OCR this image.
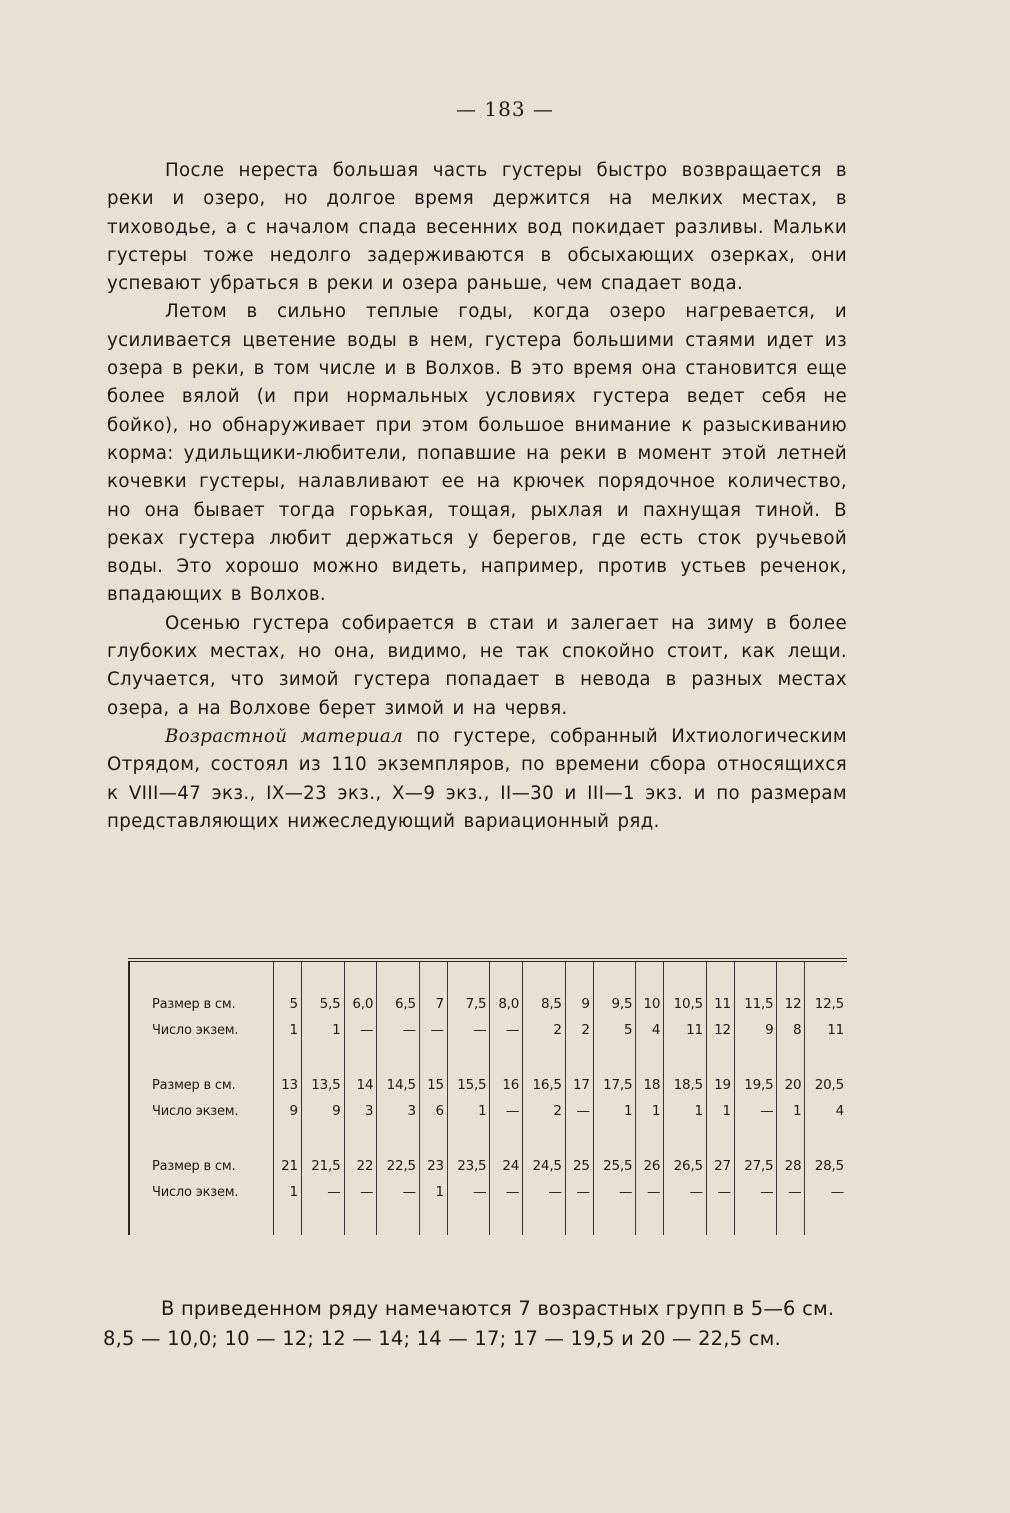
— 183 —

После нереста большая часть густеры быстро возвращается в реки и озеро, но долгое время держится на мелких местах, в тиховодье, а с началом спада весенних вод покидает разливы. Мальки густеры тоже недолго задерживаются в обсыхающих озерках, они успевают убраться в реки и озера раньше, чем спадает вода.

Летом в сильно теплые годы, когда озеро нагревается, и усиливается цветение воды в нем, густера большими стаями идет из озера в реки, в том числе и в Волхов. В это время она становится еще более вялой (и при нормальных условиях густера ведет себя не бойко), но обнаруживает при этом большое внимание к разыскиванию корма: удильщики-любители, попавшие на реки в момент этой летней кочевки густеры, налавливают ее на крючек порядочное количество, но она бывает тогда горькая, тощая, рыхлая и пахнущая тиной. В реках густера любит держаться у берегов, где есть сток ручьевой воды. Это хорошо можно видеть, например, против устьев реченок, впадающих в Волхов.

Осенью густера собирается в стаи и залегает на зиму в более глубоких местах, но она, видимо, не так спокойно стоит, как лещи. Случается, что зимой густера попадает в невода в разных местах озера, а на Волхове берет зимой и на червя.

Возрастной материал по густере, собранный Ихтиологическим Отрядом, состоял из 110 экземпляров, по времени сбора относящихся к VIII—47 экз., IX—23 экз., X—9 экз., II—30 и III—1 экз. и по размерам представляющих нижеследующий вариационный ряд.

Размер в см.	5	5,5	6,0	6,5	7	7,5	8,0	8,5	9	9,5	10	10,5	11	11,5	12	12,5
Число экзем.	1	1	—	—	—	—	—	2	2	5	4	11	12	9	8	11

Размер в см.	13	13,5	14	14,5	15	15,5	16	16,5	17	17,5	18	18,5	19	19,5	20	20,5
Число экзем.	9	9	3	3	6	1	—	2	—	1	1	1	1	—	1	4

Размер в см.	21	21,5	22	22,5	23	23,5	24	24,5	25	25,5	26	26,5	27	27,5	28	28,5
Число экзем.	1	—	—	—	1	—	—	—	—	—	—	—	—	—	—	—

В приведенном ряду намечаются 7 возрастных групп в 5—6 см.
8,5 — 10,0; 10 — 12; 12 — 14; 14 — 17; 17 — 19,5 и 20 — 22,5 см.
